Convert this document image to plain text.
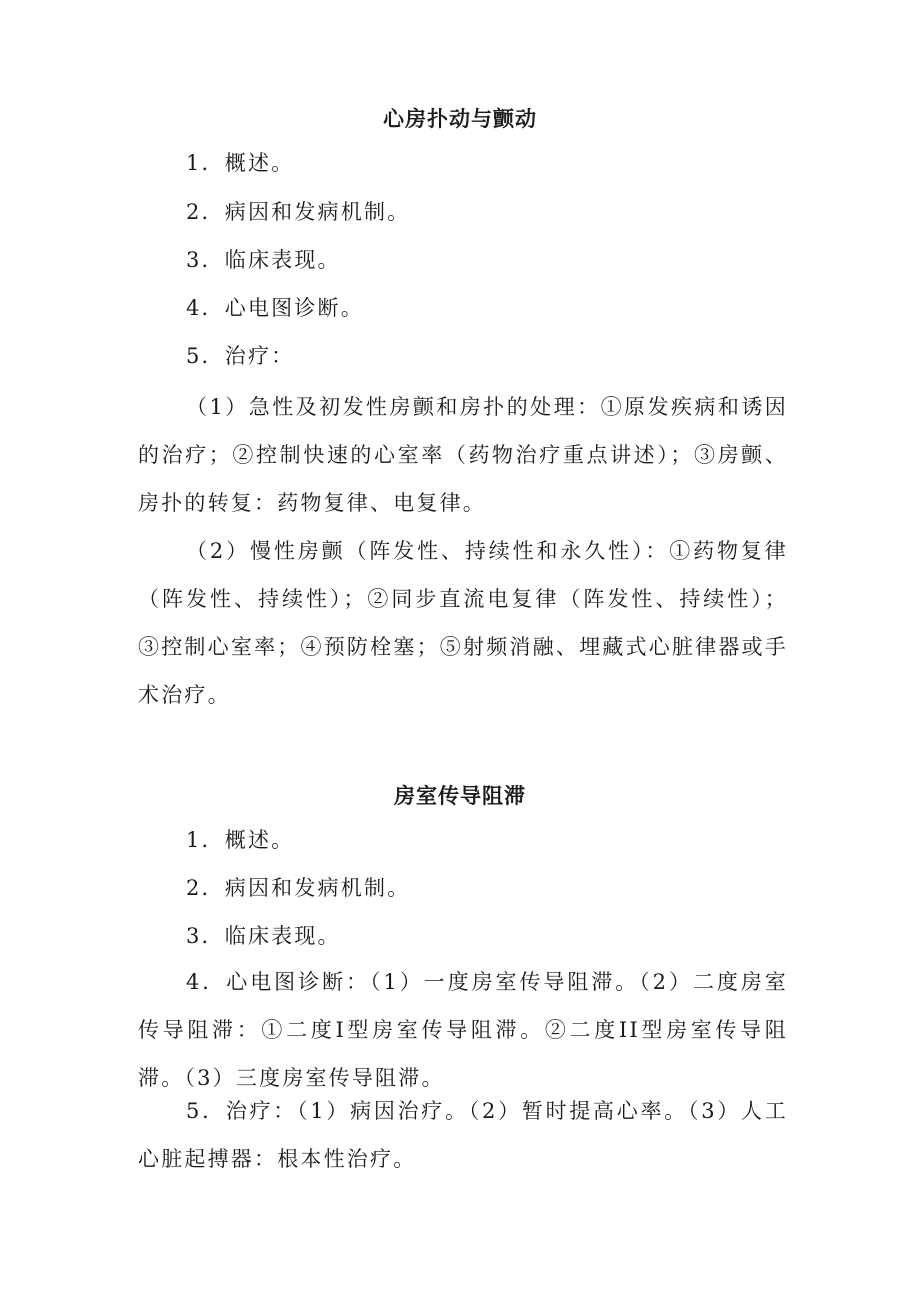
心房扑动与颤动
1．概述。
2．病因和发病机制。
3．临床表现。
4．心电图诊断。
5．治疗：
（1）急性及初发性房颤和房扑的处理：①原发疾病和诱因的治疗；②控制快速的心室率（药物治疗重点讲述）；③房颤、房扑的转复：药物复律、电复律。
（2）慢性房颤（阵发性、持续性和永久性）：①药物复律（阵发性、持续性）；②同步直流电复律（阵发性、持续性）；③控制心室率；④预防栓塞；⑤射频消融、埋藏式心脏律器或手术治疗。
房室传导阻滞
1．概述。
2．病因和发病机制。
3．临床表现。
4．心电图诊断：（1）一度房室传导阻滞。（2）二度房室传导阻滞：①二度Ⅰ型房室传导阻滞。②二度II型房室传导阻滞。（3）三度房室传导阻滞。
5．治疗：（1）病因治疗。（2）暂时提高心率。（3）人工心脏起搏器：根本性治疗。
